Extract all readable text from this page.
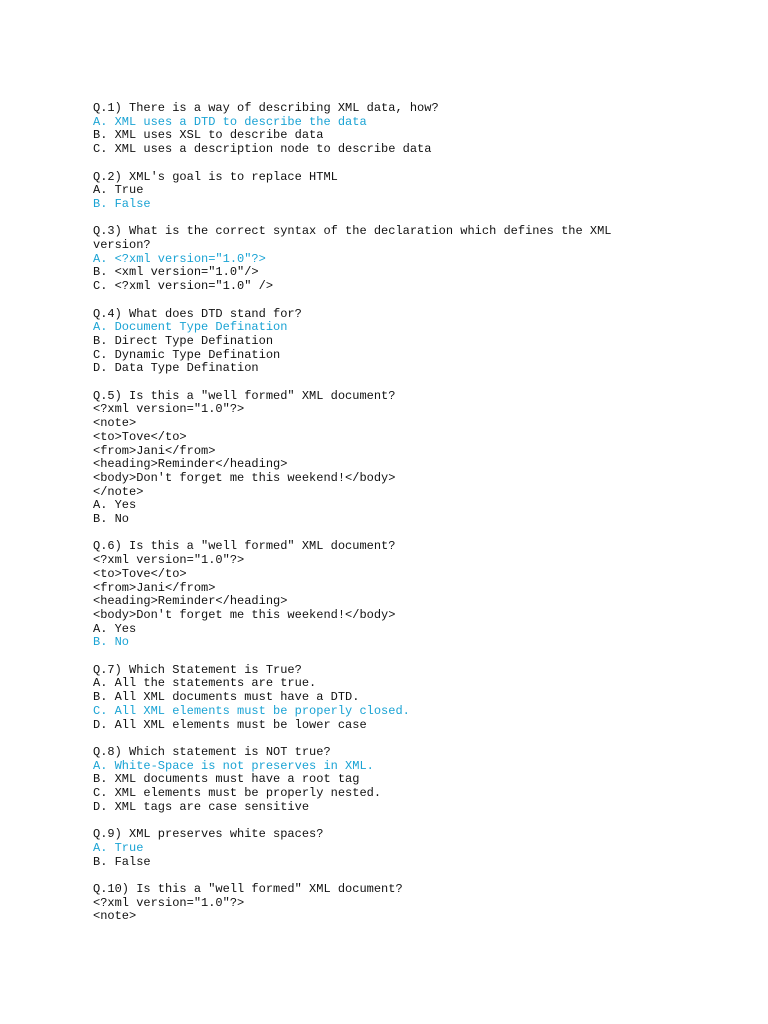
Q.1) There is a way of describing XML data, how?
A. XML uses a DTD to describe the data
B. XML uses XSL to describe data
C. XML uses a description node to describe data
Q.2) XML's goal is to replace HTML
A. True
B. False
Q.3) What is the correct syntax of the declaration which defines the XML
version?
A. <?xml version="1.0"?>
B. <xml version="1.0"/>
C. <?xml version="1.0" />
Q.4) What does DTD stand for?
A. Document Type Defination
B. Direct Type Defination
C. Dynamic Type Defination
D. Data Type Defination
Q.5) Is this a "well formed" XML document?
<?xml version="1.0"?>
<note>
<to>Tove</to>
<from>Jani</from>
<heading>Reminder</heading>
<body>Don't forget me this weekend!</body>
</note>
A. Yes
B. No
Q.6) Is this a "well formed" XML document?
<?xml version="1.0"?>
<to>Tove</to>
<from>Jani</from>
<heading>Reminder</heading>
<body>Don't forget me this weekend!</body>
A. Yes
B. No
Q.7) Which Statement is True?
A. All the statements are true.
B. All XML documents must have a DTD.
C. All XML elements must be properly closed.
D. All XML elements must be lower case
Q.8) Which statement is NOT true?
A. White-Space is not preserves in XML.
B. XML documents must have a root tag
C. XML elements must be properly nested.
D. XML tags are case sensitive
Q.9) XML preserves white spaces?
A. True
B. False
Q.10) Is this a "well formed" XML document?
<?xml version="1.0"?>
<note>
